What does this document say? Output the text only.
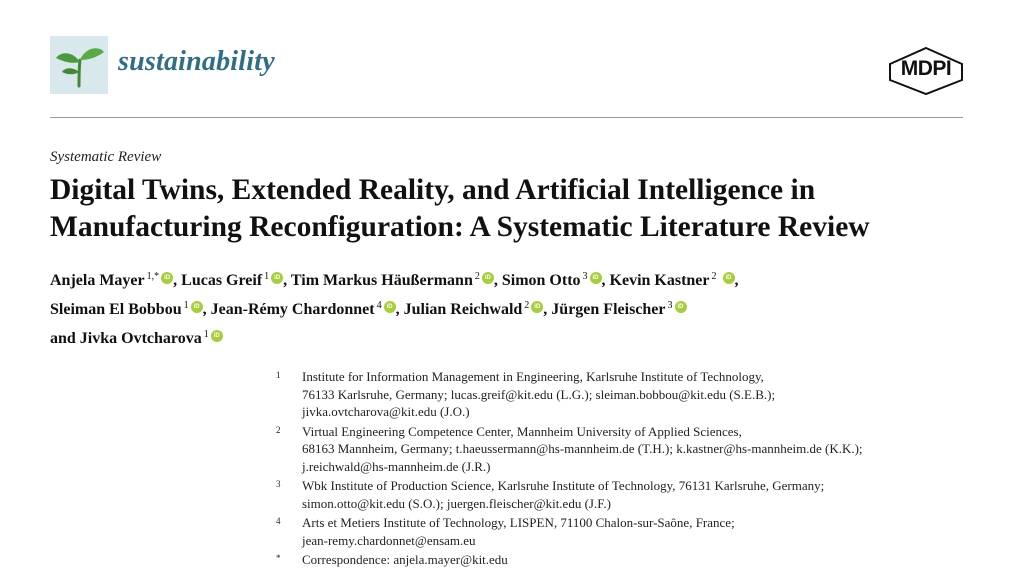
sustainability	MDPI
Systematic Review
Digital Twins, Extended Reality, and Artificial Intelligence in
Manufacturing Reconfiguration: A Systematic Literature Review
Anjela Mayer $^{1,*}$ iD , Lucas Greif $^1$ iD , Tim Markus Häußermann $^2$ iD , Simon Otto $^3$ iD , Kevin Kastner $^2$ iD ,
Sleiman El Bobbou $^1$ iD , Jean-Rémy Chardonnet $^4$ iD , Julian Reichwald $^2$ iD , Jürgen Fleischer $^3$iD
and Jivka Ovtcharova $^1$iD
1	Institute for Information Management in Engineering, Karlsruhe Institute of Technology,
76133 Karlsruhe, Germany; lucas.greif@kit.edu (L.G.); sleiman.bobbou@kit.edu (S.E.B.);
jivka.ovtcharova@kit.edu (J.O.)
2	Virtual Engineering Competence Center, Mannheim University of Applied Sciences,
68163 Mannheim, Germany; t.haeussermann@hs-mannheim.de (T.H.); k.kastner@hs-mannheim.de (K.K.);
j.reichwald@hs-mannheim.de (J.R.)
3	Wbk Institute of Production Science, Karlsruhe Institute of Technology, 76131 Karlsruhe, Germany;
simon.otto@kit.edu (S.O.); juergen.fleischer@kit.edu (J.F.)
4	Arts et Metiers Institute of Technology, LISPEN, 71100 Chalon-sur-Saône, France;
jean-remy.chardonnet@ensam.eu
*	Correspondence: anjela.mayer@kit.edu
